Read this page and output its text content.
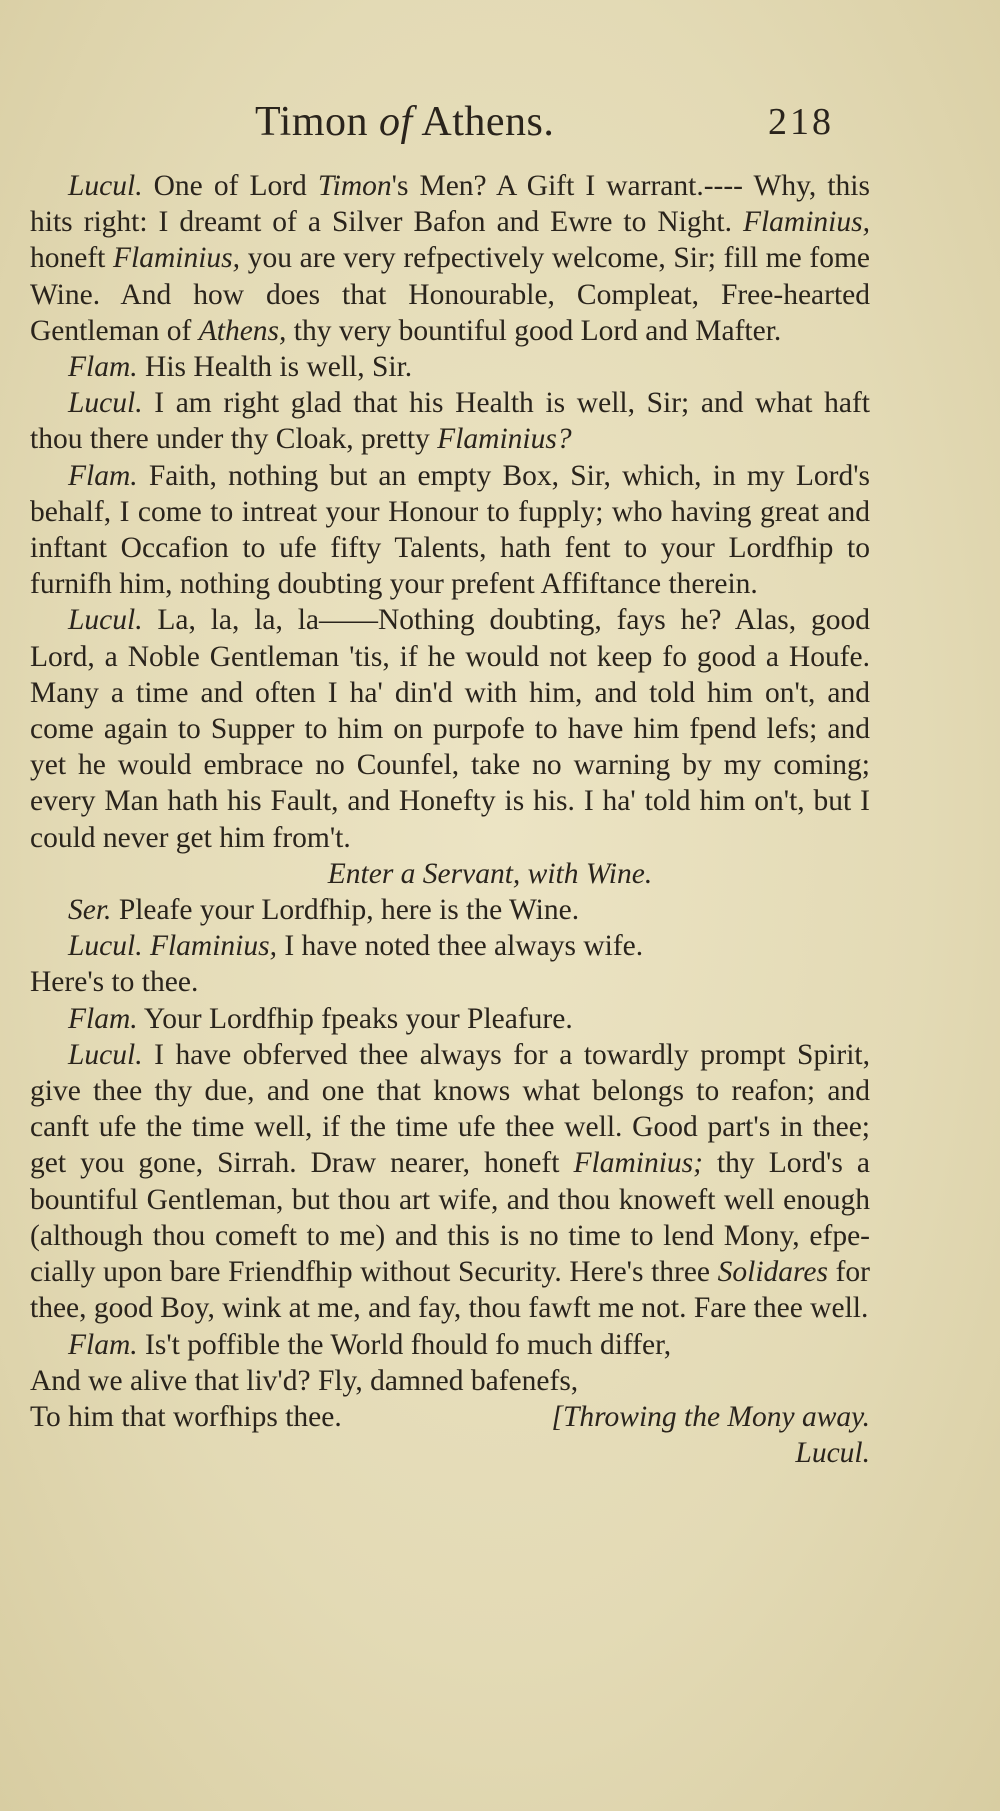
Timon of Athens.	218

Lucul. One of Lord Timon's Men? A Gift I warrant.---- Why, this hits right: I dreamt of a Silver Bafon and Ewre to Night. Flaminius, honeft Flaminius, you are very refpectively welcome, Sir; fill me fome Wine. And how does that Honourable, Compleat, Free-hearted Gentleman of Athens, thy very bountiful good Lord and Mafter.

Flam. His Health is well, Sir.

Lucul. I am right glad that his Health is well, Sir; and what haft thou there under thy Cloak, pretty Flaminius?

Flam. Faith, nothing but an empty Box, Sir, which, in my Lord's behalf, I come to intreat your Honour to fupply; who having great and inftant Occafion to ufe fifty Talents, hath fent to your Lordfhip to furnifh him, nothing doubting your prefent Affiftance therein.

Lucul. La, la, la, la——Nothing doubting, fays he? Alas, good Lord, a Noble Gentleman 'tis, if he would not keep fo good a Houfe. Many a time and often I ha' din'd with him, and told him on't, and come again to Supper to him on purpofe to have him fpend lefs; and yet he would embrace no Counfel, take no warning by my coming; every Man hath his Fault, and Honefty is his. I ha' told him on't, but I could never get him from't.

Enter a Servant, with Wine.

Ser. Pleafe your Lordfhip, here is the Wine.

Lucul. Flaminius, I have noted thee always wife.

Here's to thee.

Flam. Your Lordfhip fpeaks your Pleafure.

Lucul. I have obferved thee always for a towardly prompt Spirit, give thee thy due, and one that knows what belongs to reafon; and canft ufe the time well, if the time ufe thee well. Good part's in thee; get you gone, Sirrah. Draw nearer, honeft Flaminius; thy Lord's a bountiful Gentleman, but thou art wife, and thou knoweft well enough (although thou comeft to me) and this is no time to lend Mony, efpecially upon bare Friendfhip without Security. Here's three Solidares for thee, good Boy, wink at me, and fay, thou fawft me not. Fare thee well.

Flam. Is't poffible the World fhould fo much differ,

And we alive that liv'd? Fly, damned bafenefs,

To him that worfhips thee.	[Throwing the Mony away.

Lucul.
